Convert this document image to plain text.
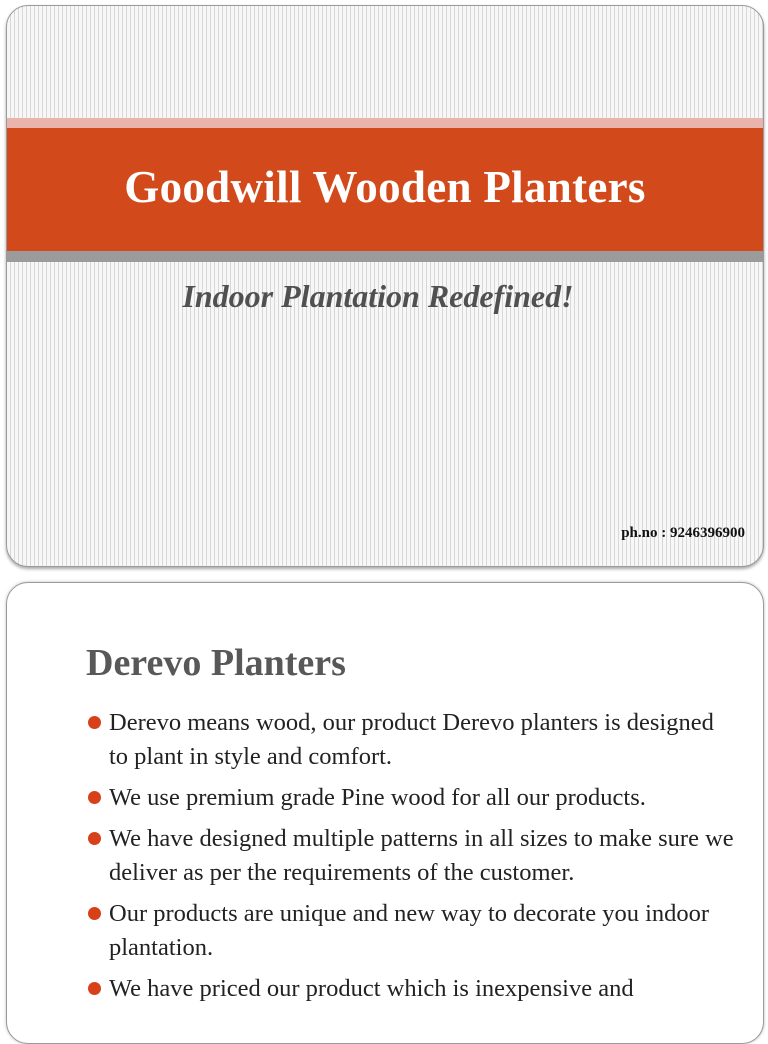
Goodwill Wooden Planters
Indoor Plantation Redefined!
ph.no : 9246396900
Derevo Planters
Derevo means wood, our product Derevo planters is designed to plant in style and comfort.
We use premium grade Pine wood for all our products.
We have designed multiple patterns in all sizes to make sure we deliver as per the requirements of the customer.
Our products are unique and new way to decorate you indoor plantation.
We have priced our product which is inexpensive and
